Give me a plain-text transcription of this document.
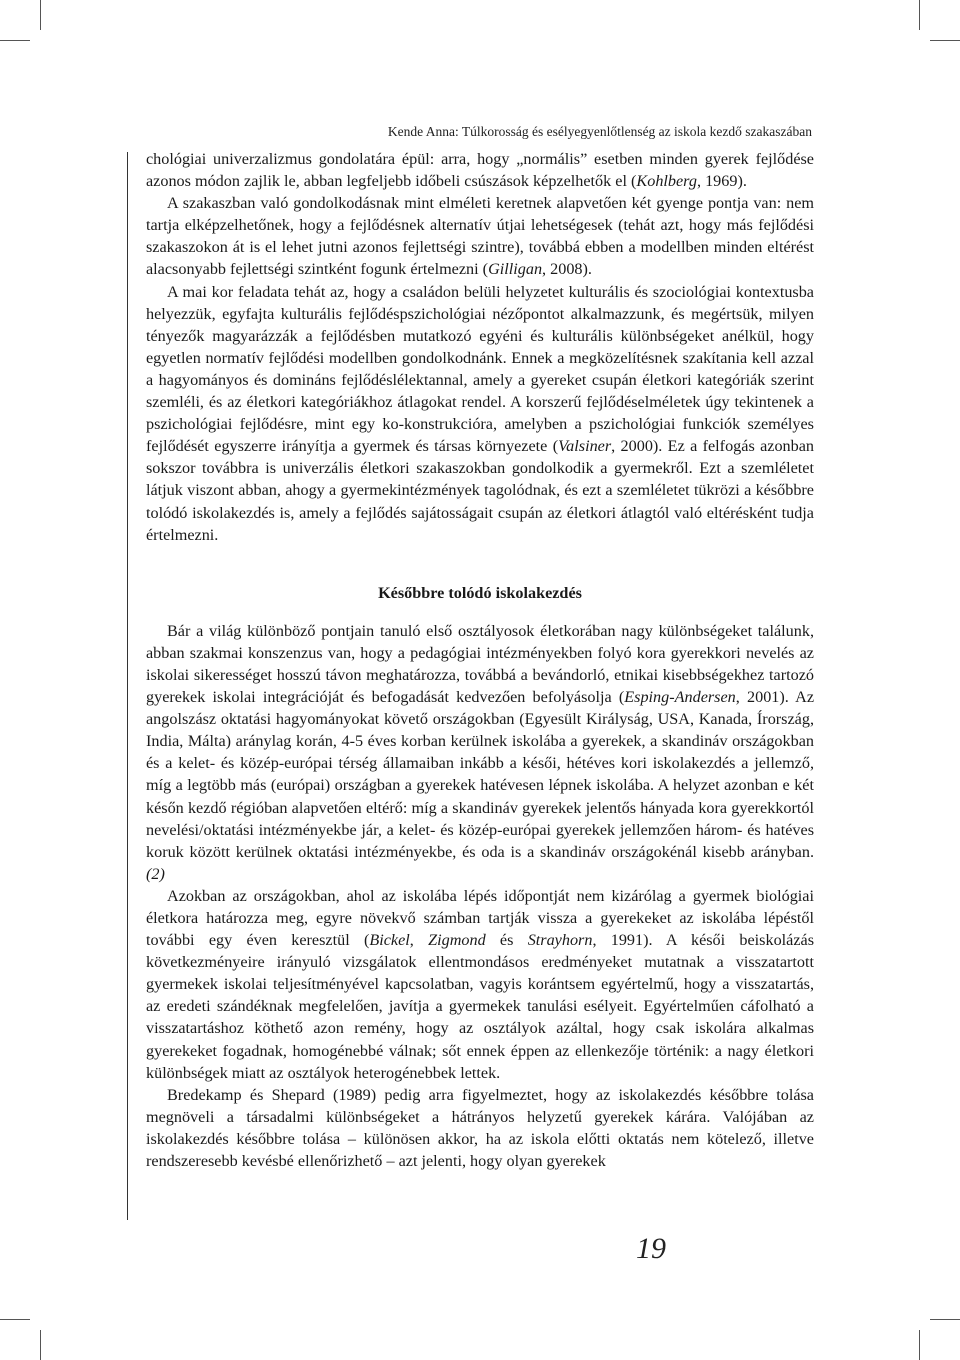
Kende Anna: Túlkorosság és esélyegyenlőtlenség az iskola kezdő szakaszában

chológiai univerzalizmus gondolatára épül: arra, hogy „normális” esetben minden gyerek fejlődése azonos módon zajlik le, abban legfeljebb időbeli csúszások képzelhetők el (Kohlberg, 1969).

A szakaszban való gondolkodásnak mint elméleti keretnek alapvetően két gyenge pontja van: nem tartja elképzelhetőnek, hogy a fejlődésnek alternatív útjai lehetségesek (tehát azt, hogy más fejlődési szakaszokon át is el lehet jutni azonos fejlettségi szintre), továbbá ebben a modellben minden eltérést alacsonyabb fejlettségi szintként fogunk értelmezni (Gilligan, 2008).

A mai kor feladata tehát az, hogy a családon belüli helyzetet kulturális és szociológiai kontextusba helyezzük, egyfajta kulturális fejlődéspszichológiai nézőpontot alkalmazzunk, és megértsük, milyen tényezők magyarázzák a fejlődésben mutatkozó egyéni és kulturális különbségeket anélkül, hogy egyetlen normatív fejlődési modellben gondolkodnánk. Ennek a megközelítésnek szakítania kell azzal a hagyományos és domináns fejlődéslélektannal, amely a gyereket csupán életkori kategóriák szerint szemléli, és az életkori kategóriákhoz átlagokat rendel. A korszerű fejlődéselméletek úgy tekintenek a pszichológiai fejlődésre, mint egy ko-konstrukcióra, amelyben a pszichológiai funkciók személyes fejlődését egyszerre irányítja a gyermek és társas környezete (Valsiner, 2000). Ez a felfogás azonban sokszor továbbra is univerzális életkori szakaszokban gondolkodik a gyermekről. Ezt a szemléletet látjuk viszont abban, ahogy a gyermekintézmények tagolódnak, és ezt a szemléletet tükrözi a későbbre tolódó iskolakezdés is, amely a fejlődés sajátosságait csupán az életkori átlagtól való eltérésként tudja értelmezni.

Későbbre tolódó iskolakezdés

Bár a világ különböző pontjain tanuló első osztályosok életkorában nagy különbségeket találunk, abban szakmai konszenzus van, hogy a pedagógiai intézményekben folyó kora gyerekkori nevelés az iskolai sikerességet hosszú távon meghatározza, továbbá a bevándorló, etnikai kisebbségekhez tartozó gyerekek iskolai integrációját és befogadását kedvezően befolyásolja (Esping-Andersen, 2001). Az angolszász oktatási hagyományokat követő országokban (Egyesült Királyság, USA, Kanada, Írország, India, Málta) aránylag korán, 4-5 éves korban kerülnek iskolába a gyerekek, a skandináv országokban és a kelet- és közép-európai térség államaiban inkább a késői, hétéves kori iskolakezdés a jellemző, míg a legtöbb más (európai) országban a gyerekek hatévesen lépnek iskolába. A helyzet azonban e két későn kezdő régióban alapvetően eltérő: míg a skandináv gyerekek jelentős hányada kora gyerekkortól nevelési/oktatási intézményekbe jár, a kelet- és közép-európai gyerekek jellemzően három- és hatéves koruk között kerülnek oktatási intézményekbe, és oda is a skandináv országokénál kisebb arányban. (2)

Azokban az országokban, ahol az iskolába lépés időpontját nem kizárólag a gyermek biológiai életkora határozza meg, egyre növekvő számban tartják vissza a gyerekeket az iskolába lépéstől további egy éven keresztül (Bickel, Zigmond és Strayhorn, 1991). A késői beiskolázás következményeire irányuló vizsgálatok ellentmondásos eredményeket mutatnak a visszatartott gyermekek iskolai teljesítményével kapcsolatban, vagyis korántsem egyértelmű, hogy a visszatartás, az eredeti szándéknak megfelelően, javítja a gyermekek tanulási esélyeit. Egyértelműen cáfolható a visszatartáshoz köthető azon remény, hogy az osztályok azáltal, hogy csak iskolára alkalmas gyerekeket fogadnak, homogénebbé válnak; sőt ennek éppen az ellenkezője történik: a nagy életkori különbségek miatt az osztályok heterogénebbek lettek.

Bredekamp és Shepard (1989) pedig arra figyelmeztet, hogy az iskolakezdés későbbre tolása megnöveli a társadalmi különbségeket a hátrányos helyzetű gyerekek kárára. Valójában az iskolakezdés későbbre tolása – különösen akkor, ha az iskola előtti oktatás nem kötelező, illetve rendszeresebb kevésbé ellenőrizhető – azt jelenti, hogy olyan gyerekek

19
